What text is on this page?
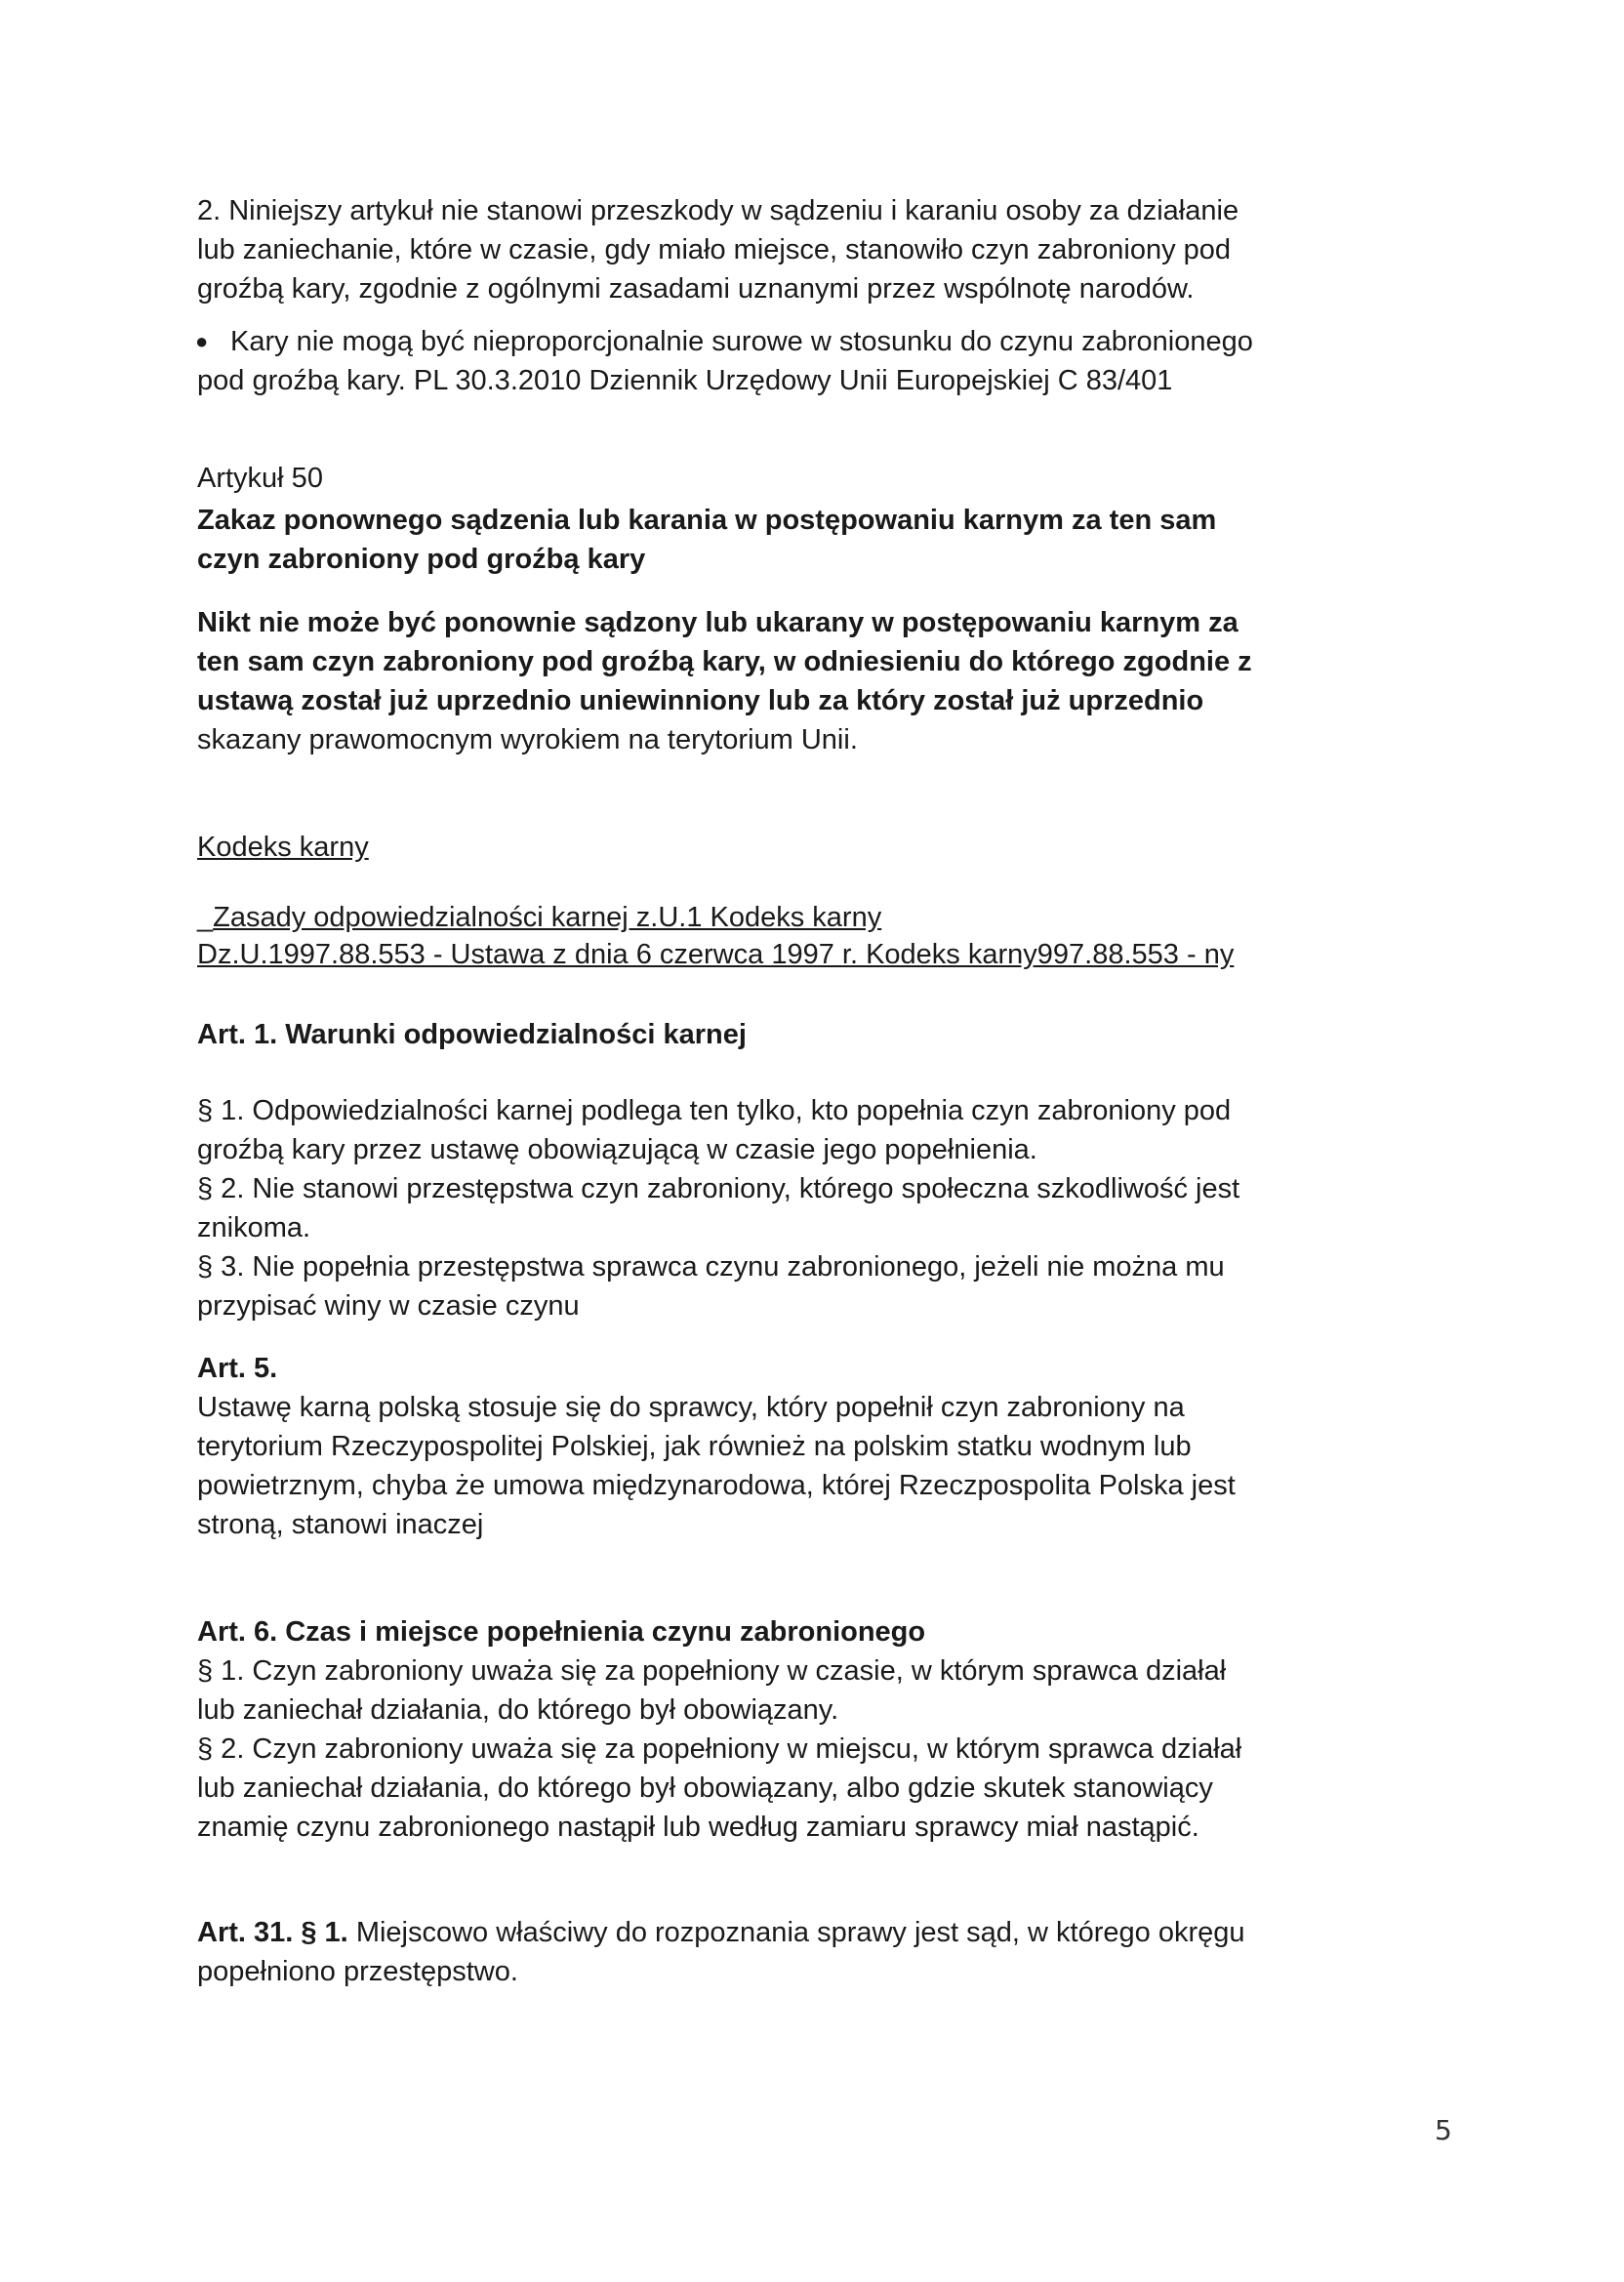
2. Niniejszy artykuł nie stanowi przeszkody w sądzeniu i karaniu osoby za działanie
lub zaniechanie, które w czasie, gdy miało miejsce, stanowiło czyn zabroniony pod
groźbą kary, zgodnie z ogólnymi zasadami uznanymi przez wspólnotę narodów.
● Kary nie mogą być nieproporcjonalnie surowe w stosunku do czynu zabronionego
pod groźbą kary. PL 30.3.2010 Dziennik Urzędowy Unii Europejskiej C 83/401
Artykuł 50
Zakaz ponownego sądzenia lub karania w postępowaniu karnym za ten sam
czyn zabroniony pod groźbą kary
Nikt nie może być ponownie sądzony lub ukarany w postępowaniu karnym za
ten sam czyn zabroniony pod groźbą kary, w odniesieniu do którego zgodnie z
ustawą został już uprzednio uniewinniony lub za który został już uprzednio
skazany prawomocnym wyrokiem na terytorium Unii.
Kodeks karny
_Zasady odpowiedzialności karnej z.U.1 Kodeks karny
Dz.U.1997.88.553 - Ustawa z dnia 6 czerwca 1997 r. Kodeks karny997.88.553 - ny
Art. 1. Warunki odpowiedzialności karnej
§ 1. Odpowiedzialności karnej podlega ten tylko, kto popełnia czyn zabroniony pod
groźbą kary przez ustawę obowiązującą w czasie jego popełnienia.
§ 2. Nie stanowi przestępstwa czyn zabroniony, którego społeczna szkodliwość jest
znikoma.
§ 3. Nie popełnia przestępstwa sprawca czynu zabronionego, jeżeli nie można mu
przypisać winy w czasie czynu
Art. 5.
Ustawę karną polską stosuje się do sprawcy, który popełnił czyn zabroniony na
terytorium Rzeczypospolitej Polskiej, jak również na polskim statku wodnym lub
powietrznym, chyba że umowa międzynarodowa, której Rzeczpospolita Polska jest
stroną, stanowi inaczej
Art. 6. Czas i miejsce popełnienia czynu zabronionego
§ 1. Czyn zabroniony uważa się za popełniony w czasie, w którym sprawca działał
lub zaniechał działania, do którego był obowiązany.
§ 2. Czyn zabroniony uważa się za popełniony w miejscu, w którym sprawca działał
lub zaniechał działania, do którego był obowiązany, albo gdzie skutek stanowiący
znamię czynu zabronionego nastąpił lub według zamiaru sprawcy miał nastąpić.
Art. 31. § 1. Miejscowo właściwy do rozpoznania sprawy jest sąd, w którego okręgu
popełniono przestępstwo.
5
